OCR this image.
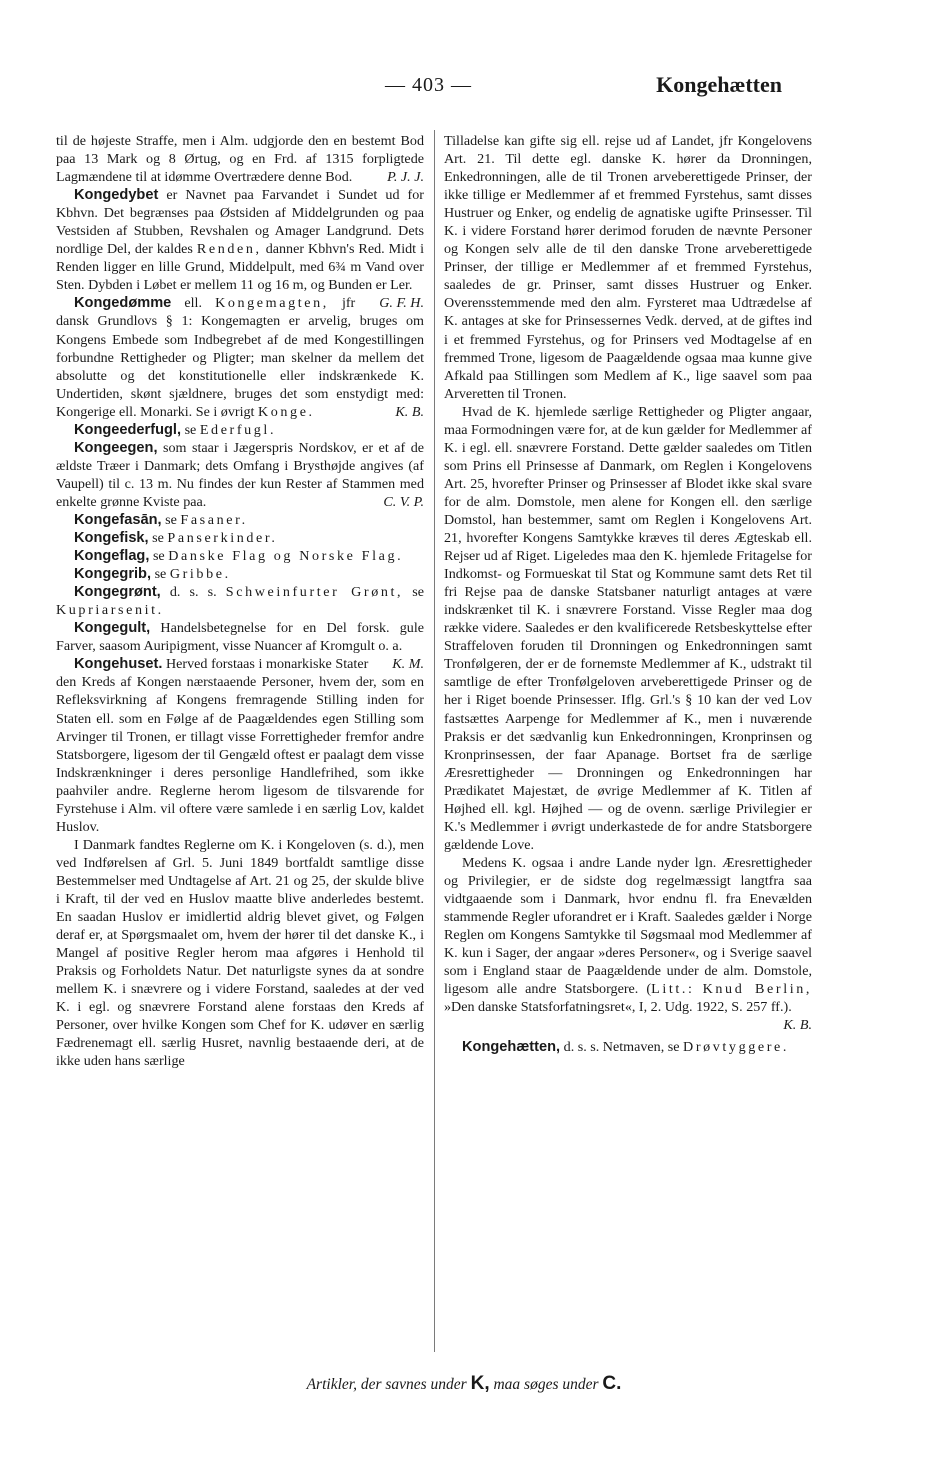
— 403 —	Kongehætten

til de højeste Straffe, men i Alm. udgjorde den en bestemt Bod paa 13 Mark og 8 Ørtug, og en Frd. af 1315 forpligtede Lagmændene til at idømme Overtrædere denne Bod.	P. J. J.

Kongedybet er Navnet paa Farvandet i Sundet ud for Kbhvn. Det begrænses paa Østsiden af Middelgrunden og paa Vestsiden af Stubben, Revshalen og Amager Landgrund. Dets nordlige Del, der kaldes Renden, danner Kbhvn's Red. Midt i Renden ligger en lille Grund, Middelpult, med 6¾ m Vand over Sten. Dybden i Løbet er mellem 11 og 16 m, og Bunden er Ler.
G. F. H.

Kongedømme ell. Kongemagten, jfr dansk Grundlovs § 1: Kongemagten er arvelig, bruges om Kongens Embede som Indbegrebet af de med Kongestillingen forbundne Rettigheder og Pligter; man skelner da mellem det absolutte og det konstitutionelle eller indskrænkede K. Undertiden, skønt sjældnere, bruges det som enstydigt med: Kongerige ell. Monarki. Se i øvrigt Konge.	K. B.

Kongeederfugl, se Ederfugl.

Kongeegen, som staar i Jægerspris Nordskov, er et af de ældste Træer i Danmark; dets Omfang i Brysthøjde angives (af Vaupell) til c. 13 m. Nu findes der kun Rester af Stammen med enkelte grønne Kviste paa.	C. V. P.

Kongefasān, se Fasaner.

Kongefisk, se Panserkinder.

Kongeflag, se Danske Flag og Norske Flag.

Kongegrib, se Gribbe.

Kongegrønt, d. s. s. Schweinfurter Grønt, se Kupriarsenit.

Kongegult, Handelsbetegnelse for en Del forsk. gule Farver, saasom Auripigment, visse Nuancer af Kromgult o. a.
K. M.

Kongehuset. Herved forstaas i monarkiske Stater den Kreds af Kongen nærstaaende Personer, hvem der, som en Refleksvirkning af Kongens fremragende Stilling inden for Staten ell. som en Følge af de Paagældendes egen Stilling som Arvinger til Tronen, er tillagt visse Forrettigheder fremfor andre Statsborgere, ligesom der til Gengæld oftest er paalagt dem visse Indskrænkninger i deres personlige Handlefrihed, som ikke paahviler andre. Reglerne herom ligesom de tilsvarende for Fyrstehuse i Alm. vil oftere være samlede i en særlig Lov, kaldet Huslov.

I Danmark fandtes Reglerne om K. i Kongeloven (s. d.), men ved Indførelsen af Grl. 5. Juni 1849 bortfaldt samtlige disse Bestemmelser med Undtagelse af Art. 21 og 25, der skulde blive i Kraft, til der ved en Huslov maatte blive anderledes bestemt. En saadan Huslov er imidlertid aldrig blevet givet, og Følgen deraf er, at Spørgsmaalet om, hvem der hører til det danske K., i Mangel af positive Regler herom maa afgøres i Henhold til Praksis og Forholdets Natur. Det naturligste synes da at sondre mellem K. i snævrere og i videre Forstand, saaledes at der ved K. i egl. og snævrere Forstand alene forstaas den Kreds af Personer, over hvilke Kongen som Chef for K. udøver en særlig Fædrenemagt ell. særlig Husret, navnlig bestaaende deri, at de ikke uden hans særlige

Tilladelse kan gifte sig ell. rejse ud af Landet, jfr Kongelovens Art. 21. Til dette egl. danske K. hører da Dronningen, Enkedronningen, alle de til Tronen arveberettigede Prinser, der ikke tillige er Medlemmer af et fremmed Fyrstehus, samt disses Hustruer og Enker, og endelig de agnatiske ugifte Prinsesser. Til K. i videre Forstand hører derimod foruden de nævnte Personer og Kongen selv alle de til den danske Trone arveberettigede Prinser, der tillige er Medlemmer af et fremmed Fyrstehus, saaledes de gr. Prinser, samt disses Hustruer og Enker. Overensstemmende med den alm. Fyrsteret maa Udtrædelse af K. antages at ske for Prinsessernes Vedk. derved, at de giftes ind i et fremmed Fyrstehus, og for Prinsers ved Modtagelse af en fremmed Trone, ligesom de Paagældende ogsaa maa kunne give Afkald paa Stillingen som Medlem af K., lige saavel som paa Arveretten til Tronen.

Hvad de K. hjemlede særlige Rettigheder og Pligter angaar, maa Formodningen være for, at de kun gælder for Medlemmer af K. i egl. ell. snævrere Forstand. Dette gælder saaledes om Titlen som Prins ell Prinsesse af Danmark, om Reglen i Kongelovens Art. 25, hvorefter Prinser og Prinsesser af Blodet ikke skal svare for de alm. Domstole, men alene for Kongen ell. den særlige Domstol, han bestemmer, samt om Reglen i Kongelovens Art. 21, hvorefter Kongens Samtykke kræves til deres Ægteskab ell. Rejser ud af Riget. Ligeledes maa den K. hjemlede Fritagelse for Indkomst- og Formueskat til Stat og Kommune samt dets Ret til fri Rejse paa de danske Statsbaner naturligt antages at være indskrænket til K. i snævrere Forstand. Visse Regler maa dog række videre. Saaledes er den kvalificerede Retsbeskyttelse efter Straffeloven foruden til Dronningen og Enkedronningen samt Tronfølgeren, der er de fornemste Medlemmer af K., udstrakt til samtlige de efter Tronfølgeloven arveberettigede Prinser og de her i Riget boende Prinsesser. Iflg. Grl.'s § 10 kan der ved Lov fastsættes Aarpenge for Medlemmer af K., men i nuværende Praksis er det sædvanlig kun Enkedronningen, Kronprinsen og Kronprinsessen, der faar Apanage. Bortset fra de særlige Æresrettigheder — Dronningen og Enkedronningen har Prædikatet Majestæt, de øvrige Medlemmer af K. Titlen af Højhed ell. kgl. Højhed — og de ovenn. særlige Privilegier er K.'s Medlemmer i øvrigt underkastede de for andre Statsborgere gældende Love.

Medens K. ogsaa i andre Lande nyder lgn. Æresrettigheder og Privilegier, er de sidste dog regelmæssigt langtfra saa vidtgaaende som i Danmark, hvor endnu fl. fra Enevælden stammende Regler uforandret er i Kraft. Saaledes gælder i Norge Reglen om Kongens Samtykke til Søgsmaal mod Medlemmer af K. kun i Sager, der angaar »deres Personer«, og i Sverige saavel som i England staar de Paagældende under de alm. Domstole, ligesom alle andre Statsborgere. (Litt.: Knud Berlin, »Den danske Statsforfatningsret«, I, 2. Udg. 1922, S. 257 ff.).

K. B.

Kongehætten, d. s. s. Netmaven, se Drøvtyggere.

Artikler, der savnes under K, maa søges under C.
